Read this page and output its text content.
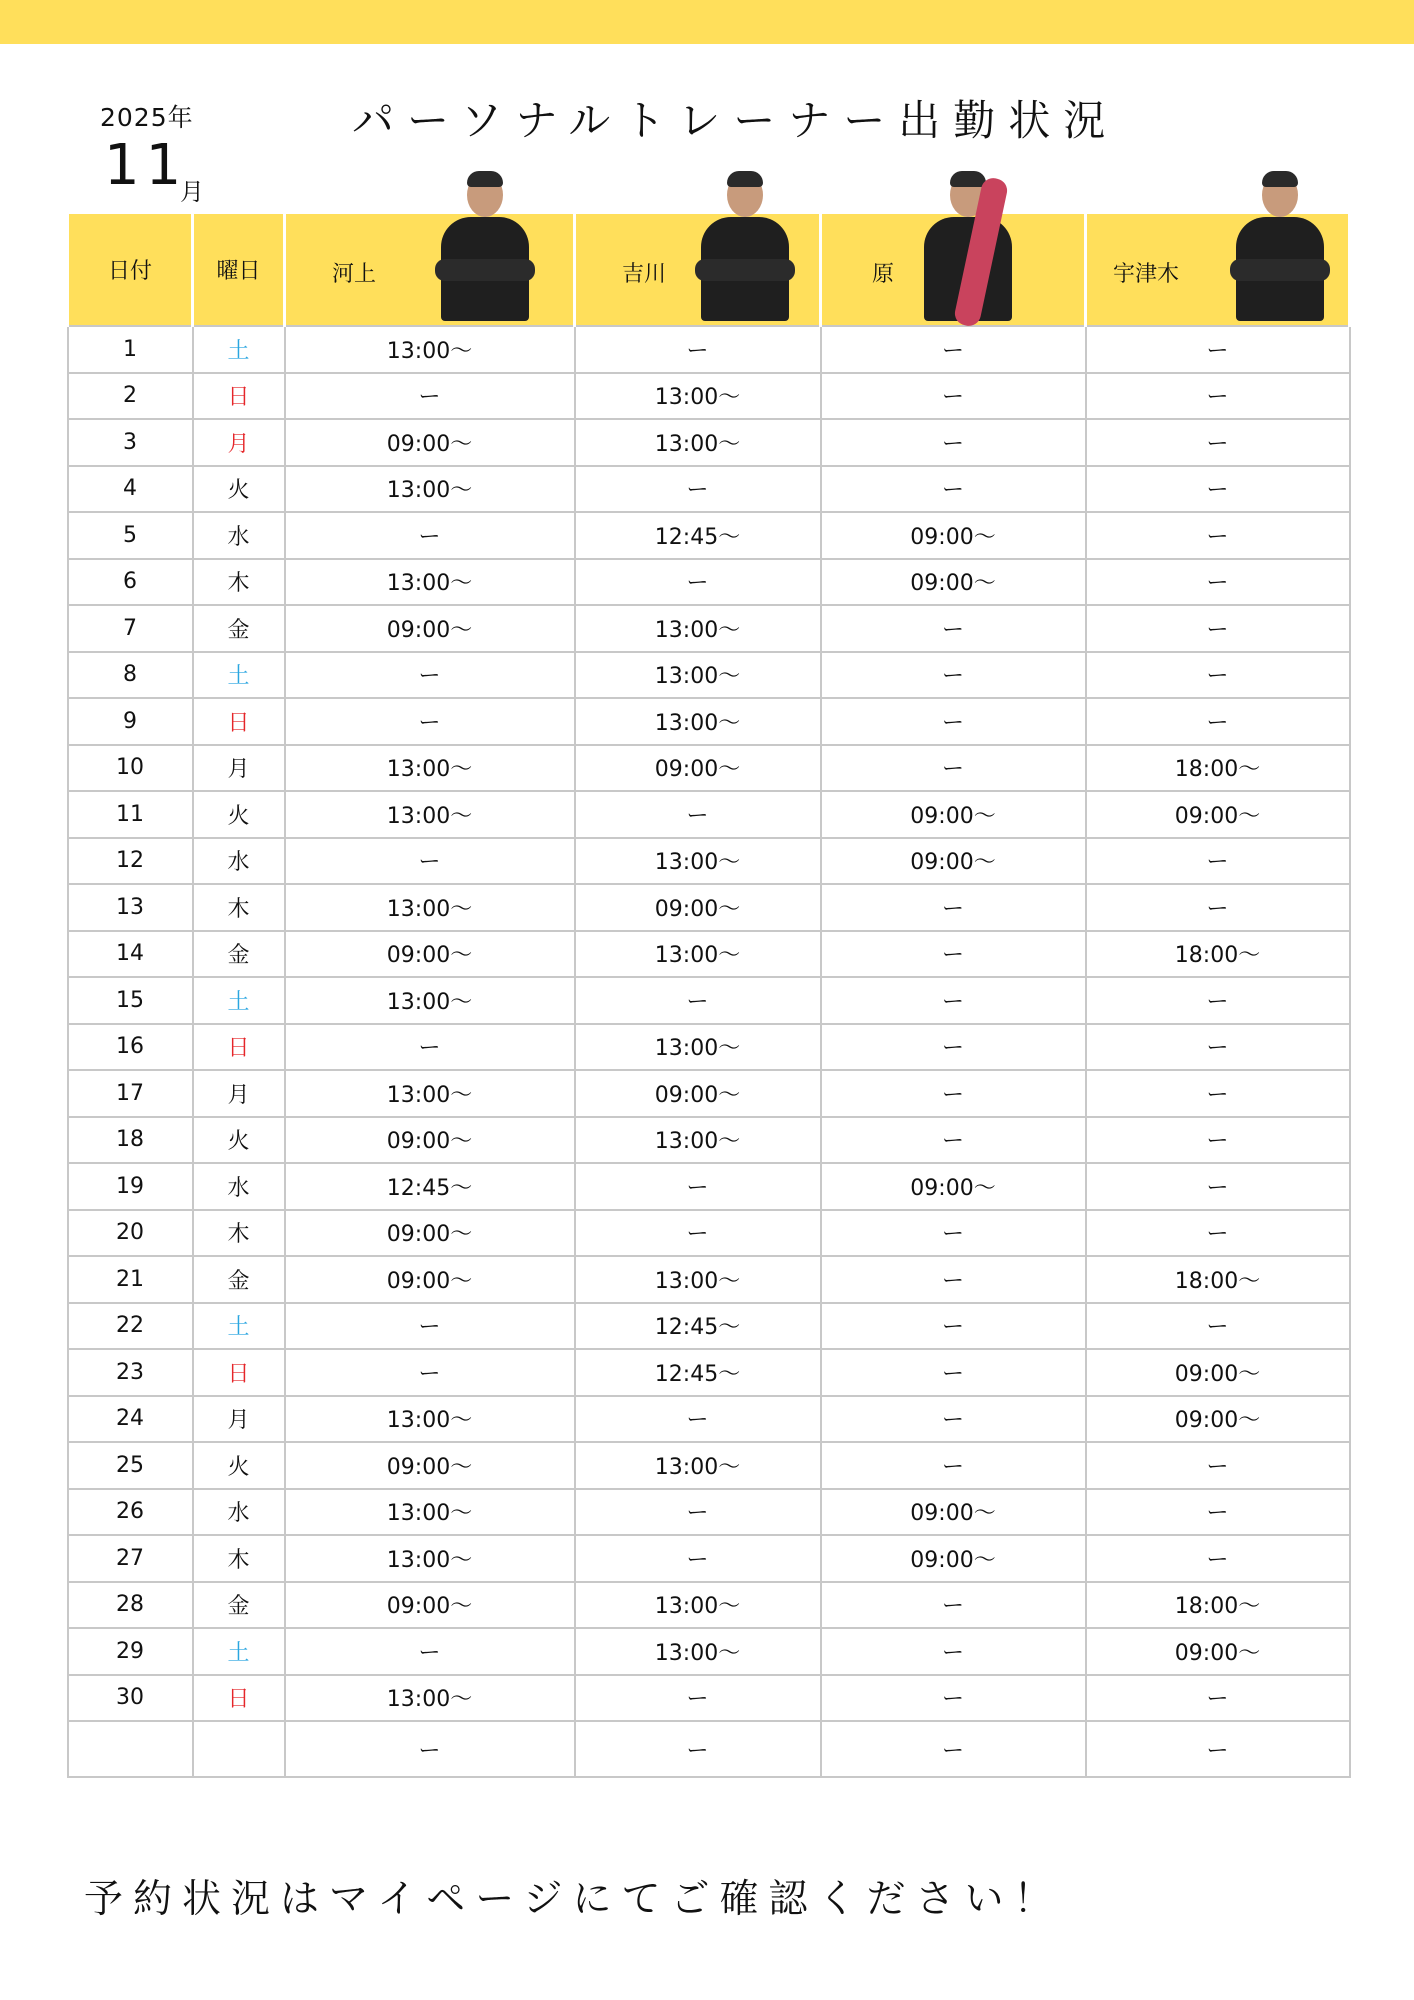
2025年
11
月
パーソナルトレーナー出勤状況
日付	曜日	河上	吉川	原	宇津木

1	土	13:00～	ー	ー	ー
2	日	ー	13:00～	ー	ー
3	月	09:00～	13:00～	ー	ー
4	火	13:00～	ー	ー	ー
5	水	ー	12:45～	09:00～	ー
6	木	13:00～	ー	09:00～	ー
7	金	09:00～	13:00～	ー	ー
8	土	ー	13:00～	ー	ー
9	日	ー	13:00～	ー	ー
10	月	13:00～	09:00～	ー	18:00～
11	火	13:00～	ー	09:00～	09:00～
12	水	ー	13:00～	09:00～	ー
13	木	13:00～	09:00～	ー	ー
14	金	09:00～	13:00～	ー	18:00～
15	土	13:00～	ー	ー	ー
16	日	ー	13:00～	ー	ー
17	月	13:00～	09:00～	ー	ー
18	火	09:00～	13:00～	ー	ー
19	水	12:45～	ー	09:00～	ー
20	木	09:00～	ー	ー	ー
21	金	09:00～	13:00～	ー	18:00～
22	土	ー	12:45～	ー	ー
23	日	ー	12:45～	ー	09:00～
24	月	13:00～	ー	ー	09:00～
25	火	09:00～	13:00～	ー	ー
26	水	13:00～	ー	09:00～	ー
27	木	13:00～	ー	09:00～	ー
28	金	09:00～	13:00～	ー	18:00～
29	土	ー	13:00～	ー	09:00～
30	日	13:00～	ー	ー	ー
		ー	ー	ー	ー
予約状況はマイページにてご確認ください！
